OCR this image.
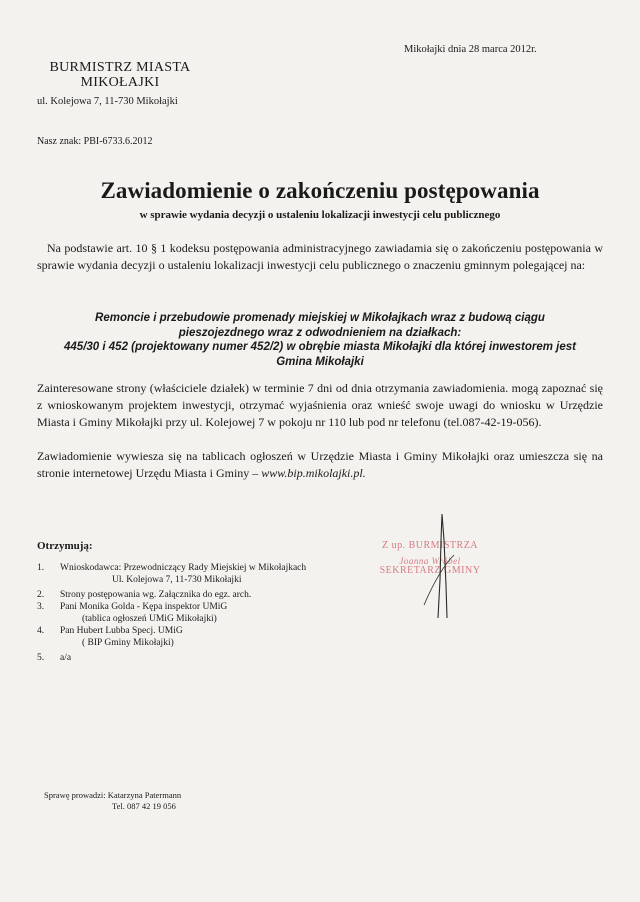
Mikołajki dnia 28 marca 2012r.
BURMISTRZ MIASTA
MIKOŁAJKI
ul. Kolejowa 7, 11-730 Mikołajki
Nasz znak: PBI-6733.6.2012
Zawiadomienie o zakończeniu postępowania
w sprawie wydania decyzji o ustaleniu lokalizacji inwestycji celu publicznego
Na podstawie art. 10 § 1 kodeksu postępowania administracyjnego zawiadamia się o zakończeniu postępowania w sprawie wydania decyzji o ustaleniu lokalizacji inwestycji celu publicznego o znaczeniu gminnym polegającej na:
Remoncie i przebudowie promenady miejskiej w Mikołajkach wraz z budową ciągu
pieszojezdnego wraz z odwodnieniem na działkach:
445/30 i 452 (projektowany numer 452/2) w obrębie miasta Mikołajki dla której inwestorem jest
Gmina Mikołajki
Zainteresowane strony (właściciele działek) w terminie 7 dni od dnia otrzymania zawiadomienia. mogą zapoznać się z wnioskowanym projektem inwestycji, otrzymać wyjaśnienia oraz wnieść swoje uwagi do wniosku w Urzędzie Miasta i Gminy Mikołajki przy ul. Kolejowej 7 w pokoju nr 110 lub pod nr telefonu (tel.087-42-19-056).
Zawiadomienie wywiesza się na tablicach ogłoszeń w Urzędzie Miasta i Gminy Mikołajki oraz umieszcza się na stronie internetowej Urzędu Miasta i Gminy – www.bip.mikolajki.pl.
Otrzymują:
1.	Wnioskodawca: Przewodniczący Rady Miejskiej w Mikołajkach
Ul. Kolejowa 7, 11-730 Mikołajki
2.	Strony postępowania wg. Załącznika do egz. arch.
3.	Pani Monika Golda - Kępa inspektor UMiG
(tablica ogłoszeń UMiG Mikołajki)
4.	Pan Hubert Lubba Specj. UMiG
( BIP Gminy Mikołajki)
5.	a/a
Z up. BURMISTRZA
Joanna Wróbel
SEKRETARZ GMINY
Sprawę prowadzi: Katarzyna Patermann
Tel. 087 42 19 056
